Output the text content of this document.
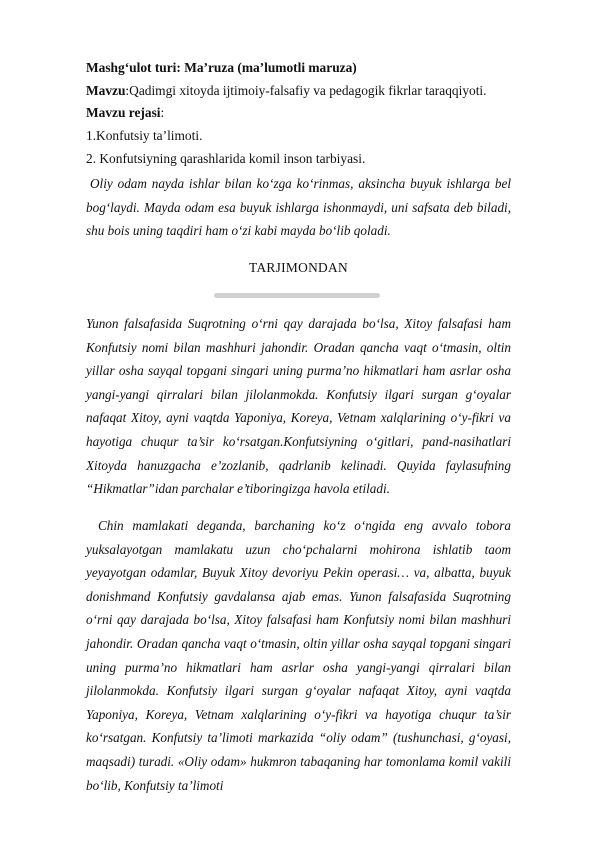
Mashg‘ulot turi: Ma’ruza (ma’lumotli maruza)
Mavzu:Qadimgi xitoyda ijtimoiy-falsafiy va pedagogik fikrlar taraqqiyoti.
Mavzu rejasi:
1.Konfutsiy ta’limoti.
2. Konfutsiyning qarashlarida komil inson tarbiyasi.
Oliy odam nayda ishlar bilan ko‘zga ko‘rinmas, aksincha buyuk ishlarga bel bog‘laydi. Mayda odam esa buyuk ishlarga ishonmaydi, uni safsata deb biladi, shu bois uning taqdiri ham o‘zi kabi mayda bo‘lib qoladi.
TARJIMONDAN
Yunon falsafasida Suqrotning o‘rni qay darajada bo‘lsa, Xitoy falsafasi ham Konfutsiy nomi bilan mashhuri jahondir. Oradan qancha vaqt o‘tmasin, oltin yillar osha sayqal topgani singari uning purma’no hikmatlari ham asrlar osha yangi-yangi qirralari bilan jilolanmokda. Konfutsiy ilgari surgan g‘oyalar nafaqat Xitoy, ayni vaqtda Yaponiya, Koreya, Vetnam xalqlarining o‘y-fikri va hayotiga chuqur ta’sir ko‘rsatgan.Konfutsiyning o‘gitlari, pand-nasihatlari Xitoyda hanuzgacha e’zozlanib, qadrlanib kelinadi. Quyida faylasufning “Hikmatlar”idan parchalar e’tiboringizga havola etiladi.
Chin mamlakati deganda, barchaning ko‘z o‘ngida eng avvalo tobora yuksalayotgan mamlakatu uzun cho‘pchalarni mohirona ishlatib taom yeyayotgan odamlar, Buyuk Xitoy devoriyu Pekin operasi… va, albatta, buyuk donishmand Konfutsiy gavdalansa ajab emas. Yunon falsafasida Suqrotning o‘rni qay darajada bo‘lsa, Xitoy falsafasi ham Konfutsiy nomi bilan mashhuri jahondir. Oradan qancha vaqt o‘tmasin, oltin yillar osha sayqal topgani singari uning purma’no hikmatlari ham asrlar osha yangi-yangi qirralari bilan jilolanmokda. Konfutsiy ilgari surgan g‘oyalar nafaqat Xitoy, ayni vaqtda Yaponiya, Koreya, Vetnam xalqlarining o‘y-fikri va hayotiga chuqur ta’sir ko‘rsatgan. Konfutsiy ta’limoti markazida “oliy odam” (tushunchasi, g‘oyasi, maqsadi) turadi. «Oliy odam» hukmron tabaqaning har tomonlama komil vakili bo‘lib, Konfutsiy ta’limoti
